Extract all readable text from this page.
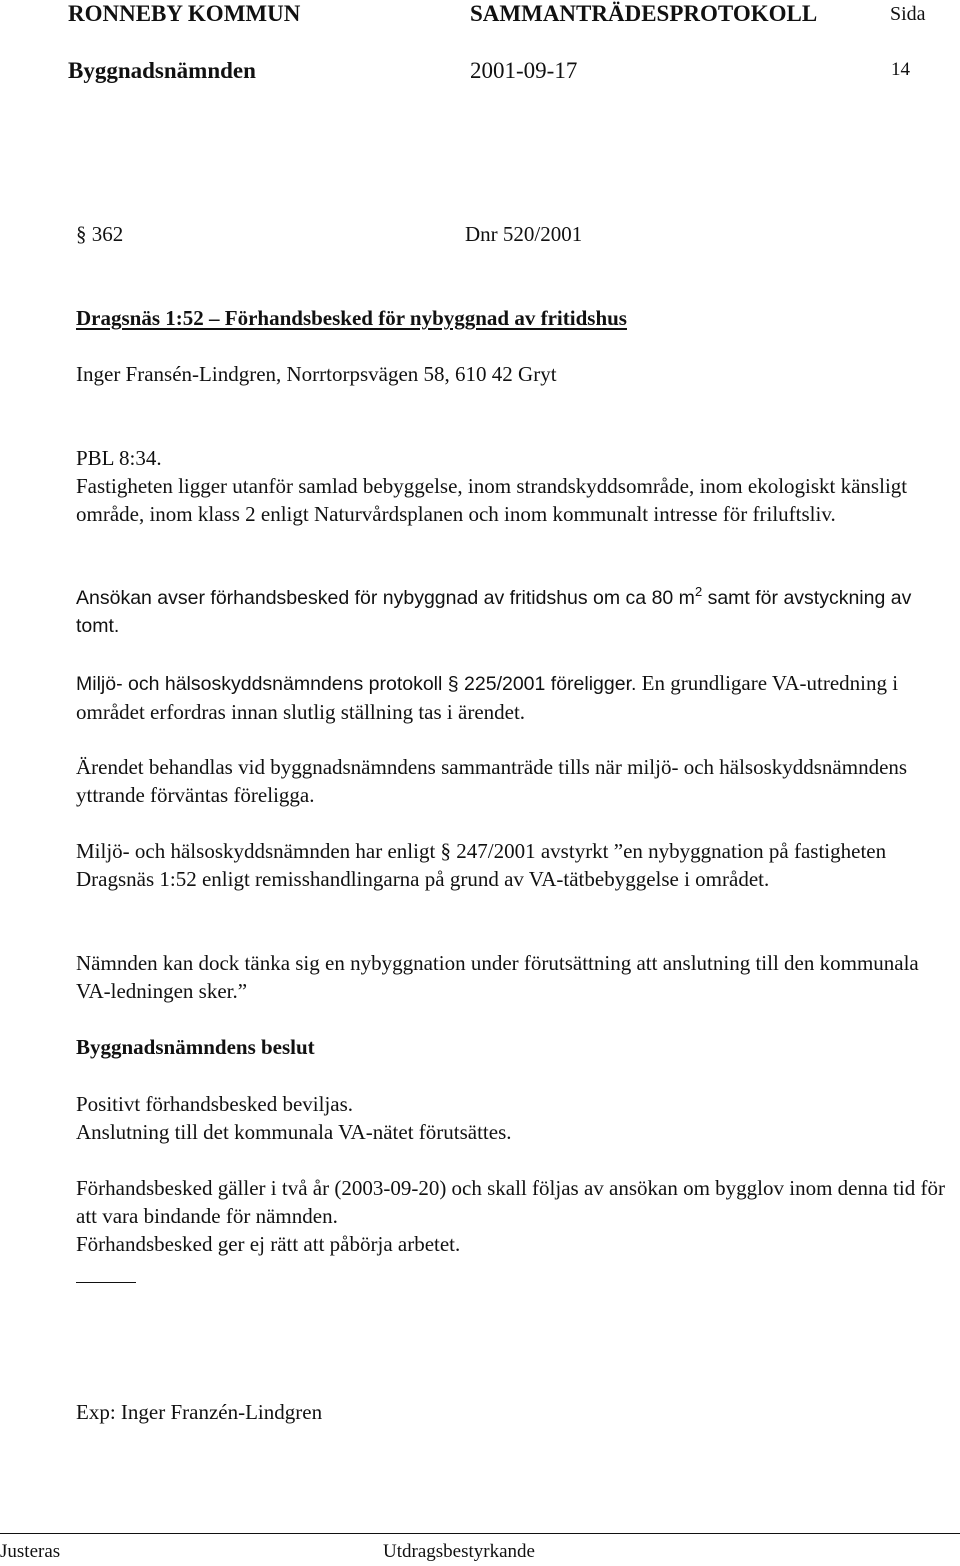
RONNEBY KOMMUN	SAMMANTRÄDESPROTOKOLL	Sida
Byggnadsnämnden	2001-09-17	14
§ 362	Dnr 520/2001
Dragsnäs 1:52 – Förhandsbesked för nybyggnad av fritidshus
Inger Fransén-Lindgren, Norrtorpsvägen 58, 610 42 Gryt

PBL 8:34.

Fastigheten ligger utanför samlad bebyggelse, inom strandskyddsområde, inom ekologiskt känsligt område, inom klass 2 enligt Naturvårdsplanen och inom kommunalt intresse för friluftsliv.

Ansökan avser förhandsbesked för nybyggnad av fritidshus om ca 80 $m^2$ samt för avstyckning av tomt.

Miljö- och hälsoskyddsnämndens protokoll § 225/2001 föreligger. En grundligare VA-utredning i området erfordras innan slutlig ställning tas i ärendet.

Ärendet behandlas vid byggnadsnämndens sammanträde tills när miljö- och hälsoskyddsnämndens yttrande förväntas föreligga.
Miljö- och hälsoskyddsnämnden har enligt § 247/2001 avstyrkt ”en nybyggnation på fastigheten Dragsnäs 1:52 enligt remisshandlingarna på grund av VA-tätbebyggelse i området.
Nämnden kan dock tänka sig en nybyggnation under förutsättning att anslutning till den kommunala VA-ledningen sker.”
Byggnadsnämndens beslut

Positivt förhandsbesked beviljas.

Anslutning till det kommunala VA-nätet förutsättes.

Förhandsbesked gäller i två år (2003-09-20) och skall följas av ansökan om bygglov inom denna tid för att vara bindande för nämnden.

Förhandsbesked ger ej rätt att påbörja arbetet.

Exp: Inger Franzén-Lindgren
Justeras	Utdragsbestyrkande
